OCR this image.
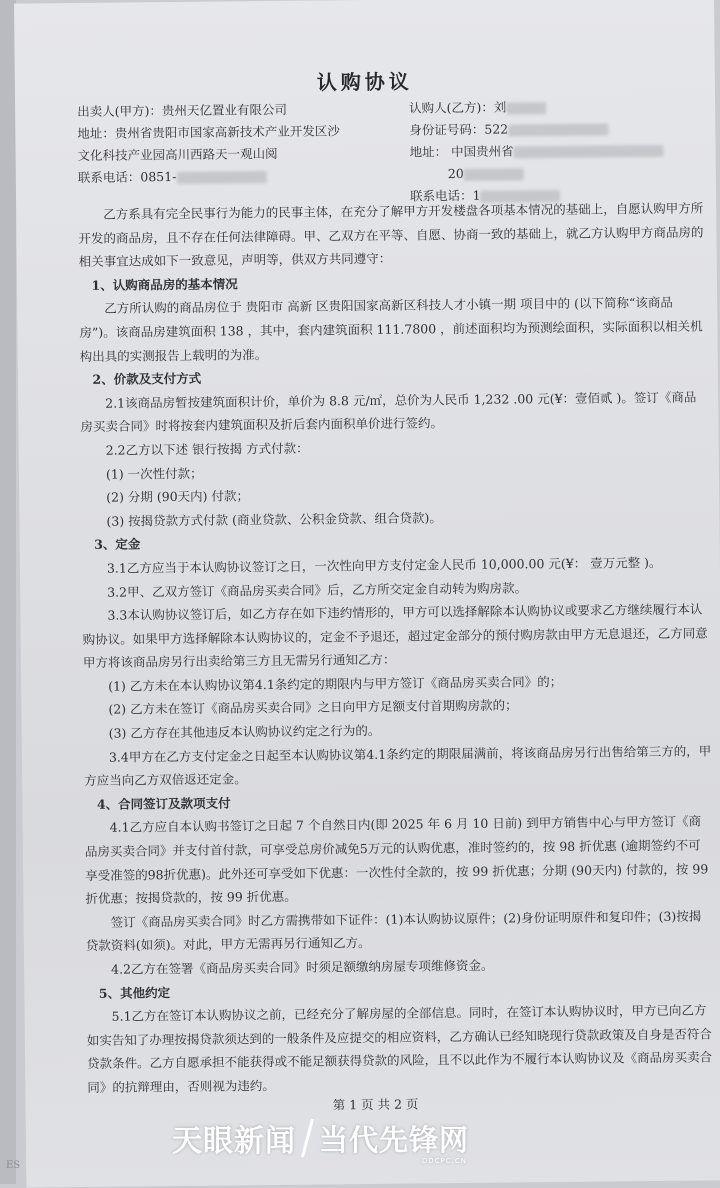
认购协议
出卖人(甲方)：贵州天亿置业有限公司
地址：贵州省贵阳市国家高新技术产业开发区沙
文化科技产业园高川西路天一观山阅
联系电话：0851-
认购人(乙方)：刘
身份证号码：522
地址： 中国贵州省
20
联系电话：1

乙方系具有完全民事行为能力的民事主体，在充分了解甲方开发楼盘各项基本情况的基础上，自愿认购甲方所开发的商品房，且不存在任何法律障碍。甲、乙双方在平等、自愿、协商一致的基础上，就乙方认购甲方商品房的相关事宜达成如下一致意见，声明等，供双方共同遵守：

1、认购商品房的基本情况

乙方所认购的商品房位于 贵阳市 高新 区贵阳国家高新区科技人才小镇一期 项目中的 (以下简称“该商品房”)。该商品房建筑面积 138 ，其中，套内建筑面积 111.7800 ，前述面积均为预测绘面积，实际面积以相关机构出具的实测报告上载明的为准。

2、价款及支付方式

2.1该商品房暂按建筑面积计价，单价为 8.8 元/㎡，总价为人民币 1,232 .00 元(¥：壹佰贰 )。签订《商品房买卖合同》时将按套内建筑面积及折后套内面积单价进行签约。

2.2乙方以下述 银行按揭 方式付款：

(1) 一次性付款；

(2) 分期 (90天内) 付款；

(3) 按揭贷款方式付款 (商业贷款、公积金贷款、组合贷款)。

3、定金

3.1乙方应当于本认购协议签订之日，一次性向甲方支付定金人民币 10,000.00 元(¥： 壹万元整 )。

3.2甲、乙双方签订《商品房买卖合同》后，乙方所交定金自动转为购房款。

3.3本认购协议签订后，如乙方存在如下违约情形的，甲方可以选择解除本认购协议或要求乙方继续履行本认购协议。如果甲方选择解除本认购协议的，定金不予退还，超过定金部分的预付购房款由甲方无息退还，乙方同意甲方将该商品房另行出卖给第三方且无需另行通知乙方：

(1) 乙方未在本认购协议第4.1条约定的期限内与甲方签订《商品房买卖合同》的；

(2) 乙方未在签订《商品房买卖合同》之日向甲方足额支付首期购房款的；

(3) 乙方存在其他违反本认购协议约定之行为的。

3.4甲方在乙方支付定金之日起至本认购协议第4.1条约定的期限届满前，将该商品房另行出售给第三方的，甲方应当向乙方双倍返还定金。

4、合同签订及款项支付

4.1乙方应自本认购书签订之日起 7 个自然日内(即 2025 年 6 月 10 日前) 到甲方销售中心与甲方签订《商品房买卖合同》并支付首付款，可享受总房价减免5万元的认购优惠，准时签约的，按 98 折优惠 (逾期签约不可享受准签的98折优惠)。此外还可享受如下优惠：一次性付全款的，按 99 折优惠；分期 (90天内) 付款的，按 99 折优惠；按揭贷款的，按 99 折优惠。

签订《商品房买卖合同》时乙方需携带如下证件：(1)本认购协议原件；(2)身份证明原件和复印件；(3)按揭贷款资料(如须)。对此，甲方无需再另行通知乙方。

4.2乙方在签署《商品房买卖合同》时须足额缴纳房屋专项维修资金。

5、其他约定

5.1乙方在签订本认购协议之前，已经充分了解房屋的全部信息。同时，在签订本认购协议时，甲方已向乙方如实告知了办理按揭贷款须达到的一般条件及应提交的相应资料，乙方确认已经知晓现行贷款政策及自身是否符合贷款条件。乙方自愿承担不能获得或不能足额获得贷款的风险，且不以此作为不履行本认购协议及《商品房买卖合同》的抗辩理由，否则视为违约。

第 1 页 共 2 页
天眼新闻 当代先锋网
DDCPC.CN
ES
